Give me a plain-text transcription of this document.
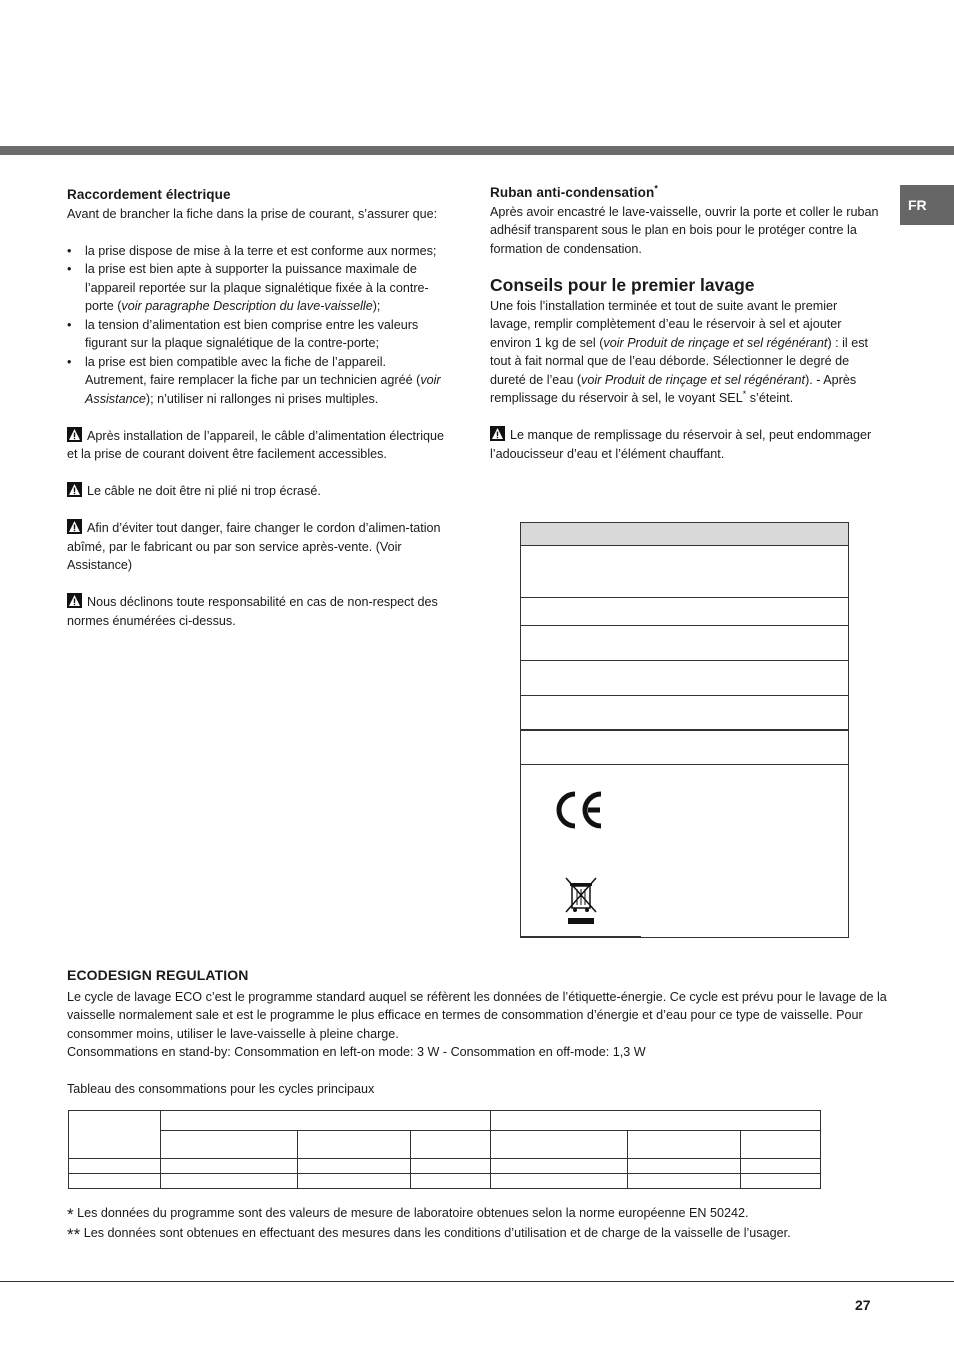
FR
Raccordement électrique

Avant de brancher la fiche dans la prise de courant, s’assurer que:

• la prise dispose de mise à la terre et est conforme aux normes;
• la prise est bien apte à supporter la puissance maximale de l’appareil reportée sur la plaque signalétique fixée à la contre-porte (voir paragraphe Description du lave-vaisselle);
• la tension d’alimentation est bien comprise entre les valeurs figurant sur la plaque signalétique de la contre-porte;
• la prise est bien compatible avec la fiche de l’appareil. Autrement, faire remplacer la fiche par un technicien agréé (voir Assistance); n’utiliser ni rallonges ni prises multiples.

Après installation de l’appareil, le câble d’alimentation électrique et la prise de courant doivent être facilement accessibles.

Le câble ne doit être ni plié ni trop écrasé.

Afin d’éviter tout danger, faire changer le cordon d’alimen-tation abîmé, par le fabricant ou par son service après-vente. (Voir Assistance)

Nous déclinons toute responsabilité en cas de non-respect des normes énumérées ci-dessus.

Ruban anti-condensation*

Après avoir encastré le lave-vaisselle, ouvrir la porte et coller le ruban adhésif transparent sous le plan en bois pour le protéger contre la formation de condensation.

Conseils pour le premier lavage

Une fois l’installation terminée et tout de suite avant le premier lavage, remplir complètement d’eau le réservoir à sel et ajouter environ 1 kg de sel (voir Produit de rinçage et sel régénérant) : il est tout à fait normal que de l’eau déborde. Sélectionner le degré de dureté de l’eau (voir Produit de rinçage et sel régénérant). - Après remplissage du réservoir à sel, le voyant SEL* s’éteint.

Le manque de remplissage du réservoir à sel, peut endommager l’adoucisseur d’eau et l’élément chauffant.

ECODESIGN REGULATION

Le cycle de lavage ECO c’est le programme standard auquel se réfèrent les données de l’étiquette-énergie. Ce cycle est prévu pour le lavage de la vaisselle normalement sale et est le programme le plus efficace en termes de consommation d’énergie et d’eau pour ce type de vaisselle. Pour consommer moins, utiliser le lave-vaisselle à pleine charge.

Consommations en stand-by: Consommation en left-on mode: 3 W - Consommation en off-mode: 1,3 W

Tableau des consommations pour les cycles principaux

* Les données du programme sont des valeurs de mesure de laboratoire obtenues selon la norme européenne EN 50242.

** Les données sont obtenues en effectuant des mesures dans les conditions d’utilisation et de charge de la vaisselle de l’usager.

27
